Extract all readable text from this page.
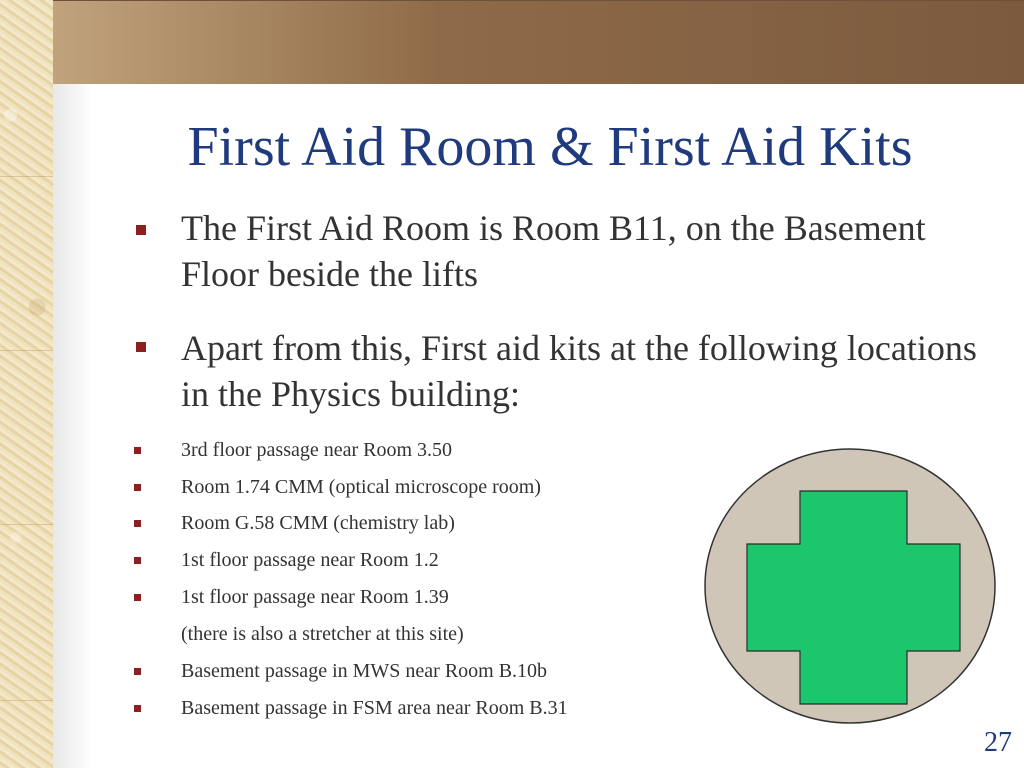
First Aid Room & First Aid Kits
The First Aid Room is Room B11, on the Basement Floor beside the lifts
Apart from this, First aid kits at the following locations in the Physics building:
3rd floor passage near Room 3.50
Room 1.74 CMM (optical microscope room)
Room G.58 CMM (chemistry lab)
1st floor passage near Room 1.2
1st floor passage near Room 1.39
(there is also a stretcher at this site)
Basement passage in MWS near Room B.10b
Basement passage in FSM area near Room B.31
27
